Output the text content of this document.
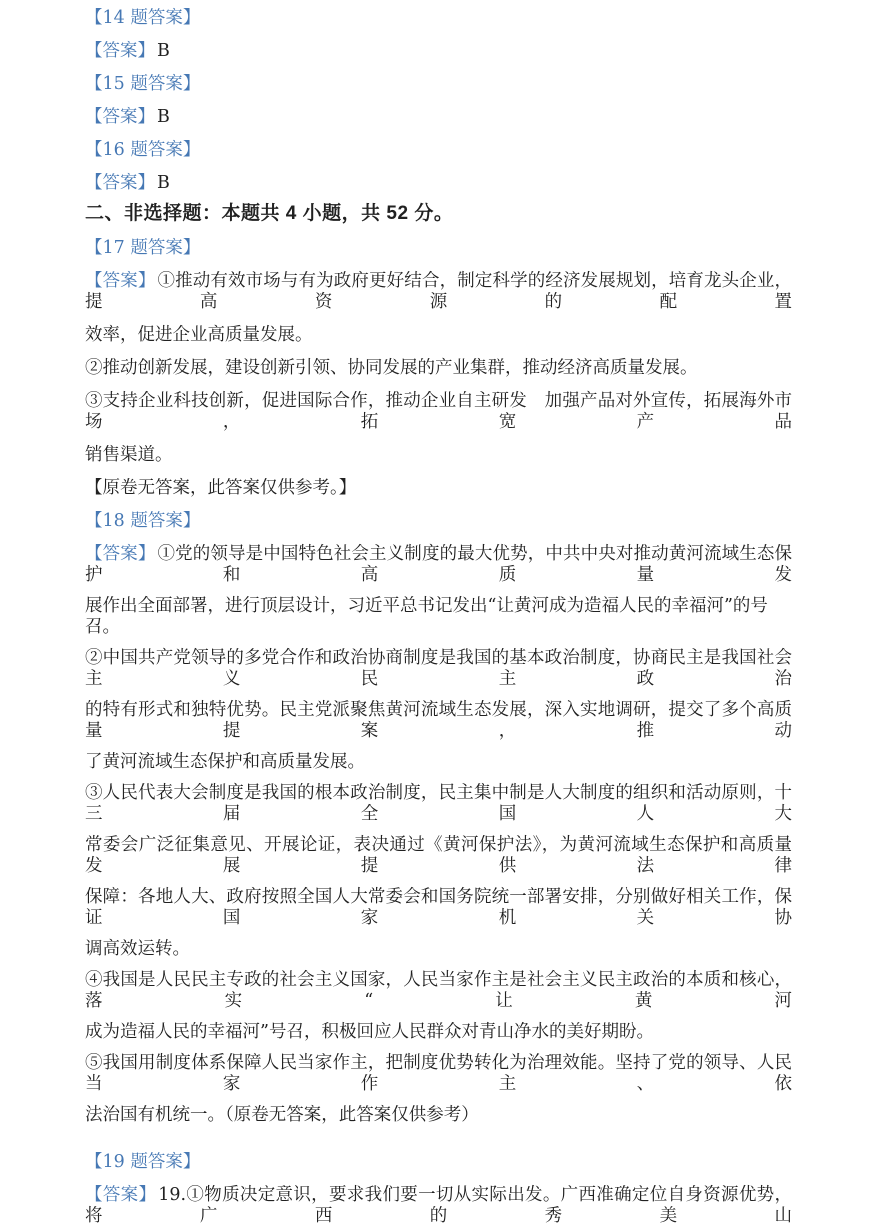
【14 题答案】
【答案】 B
【15 题答案】
【答案】 B
【16 题答案】
【答案】 B
二、非选择题：本题共 4 小题，共 52 分。
【17 题答案】
【答案】 ①推动有效市场与有为政府更好结合，制定科学的经济发展规划，培育龙头企业，提高资源的配置
效率，促进企业高质量发展。
②推动创新发展，建设创新引领、协同发展的产业集群，推动经济高质量发展。
③支持企业科技创新，促进国际合作，推动企业自主研发　加强产品对外宣传，拓展海外市场，拓宽产品
销售渠道。
【原卷无答案，此答案仅供参考。】
【18 题答案】
【答案】 ①党的领导是中国特色社会主义制度的最大优势，中共中央对推动黄河流域生态保护和高质量发
展作出全面部署，进行顶层设计，习近平总书记发出“让黄河成为造福人民的幸福河”的号召。
②中国共产党领导的多党合作和政治协商制度是我国的基本政治制度，协商民主是我国社会主义民主政治
的特有形式和独特优势。民主党派聚焦黄河流域生态发展，深入实地调研，提交了多个高质量提案，推动
了黄河流域生态保护和高质量发展。
③人民代表大会制度是我国的根本政治制度，民主集中制是人大制度的组织和活动原则，十三届全国人大
常委会广泛征集意见、开展论证，表决通过《黄河保护法》，为黄河流域生态保护和高质量发展提供法律
保障：各地人大、政府按照全国人大常委会和国务院统一部署安排，分别做好相关工作，保证国家机关协
调高效运转。
④我国是人民民主专政的社会主义国家，人民当家作主是社会主义民主政治的本质和核心，落实“让黄河
成为造福人民的幸福河”号召，积极回应人民群众对青山净水的美好期盼。
⑤我国用制度体系保障人民当家作主，把制度优势转化为治理效能。坚持了党的领导、人民当家作主、依
法治国有机统一。（原卷无答案，此答案仅供参考）
【19 题答案】
【答案】 19.①物质决定意识，要求我们要一切从实际出发。广西准确定位自身资源优势，将广西的秀美山
